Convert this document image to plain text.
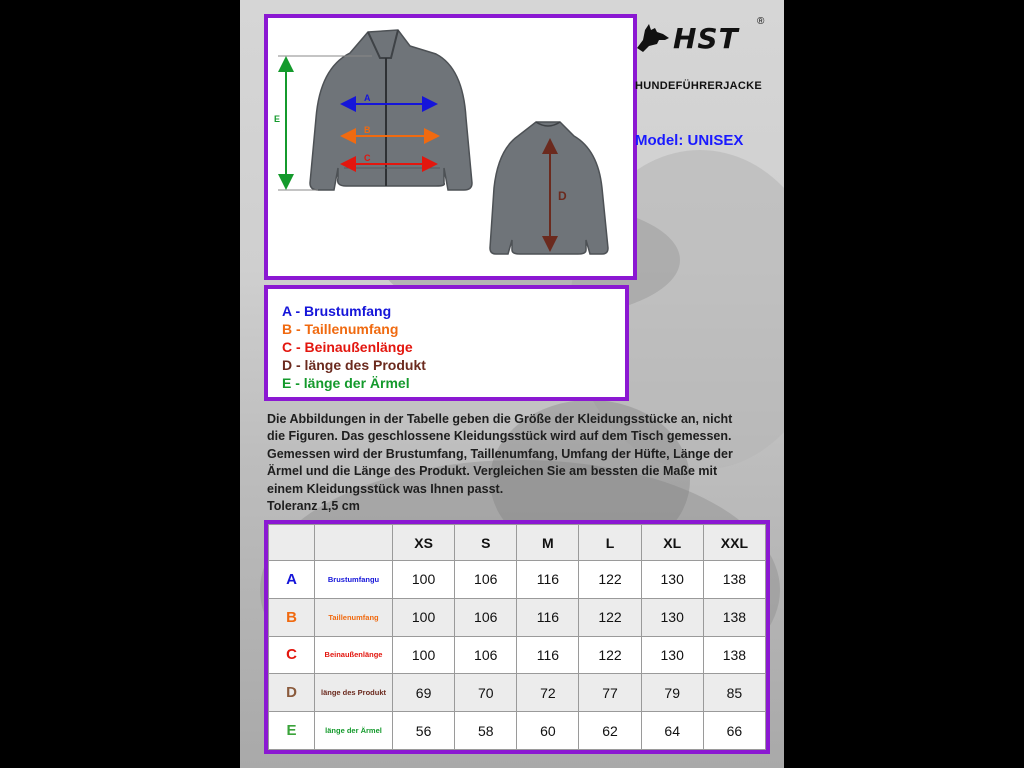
E
A
B
C
D
HST
®
HUNDEFÜHRERJACKE
Model: UNISEX
A - Brustumfang
B - Taillenumfang
C - Beinaußenlänge
D - länge des Produkt
E - länge der Ärmel
Die Abbildungen in der Tabelle geben die Größe der Kleidungsstücke an, nicht
die Figuren. Das geschlossene Kleidungsstück wird auf dem Tisch gemessen.
Gemessen wird der Brustumfang, Taillenumfang, Umfang der Hüfte, Länge der
Ärmel und die Länge des Produkt. Vergleichen Sie am bessten die Maße mit
einem Kleidungsstück was Ihnen passt.
Toleranz 1,5 cm
		XS	S	M	L	XL	XXL
A	Brustumfangu	100	106	116	122	130	138
B	Taillenumfang	100	106	116	122	130	138
C	Beinaußenlänge	100	106	116	122	130	138
D	länge des Produkt	69	70	72	77	79	85
E	länge der Ärmel	56	58	60	62	64	66
